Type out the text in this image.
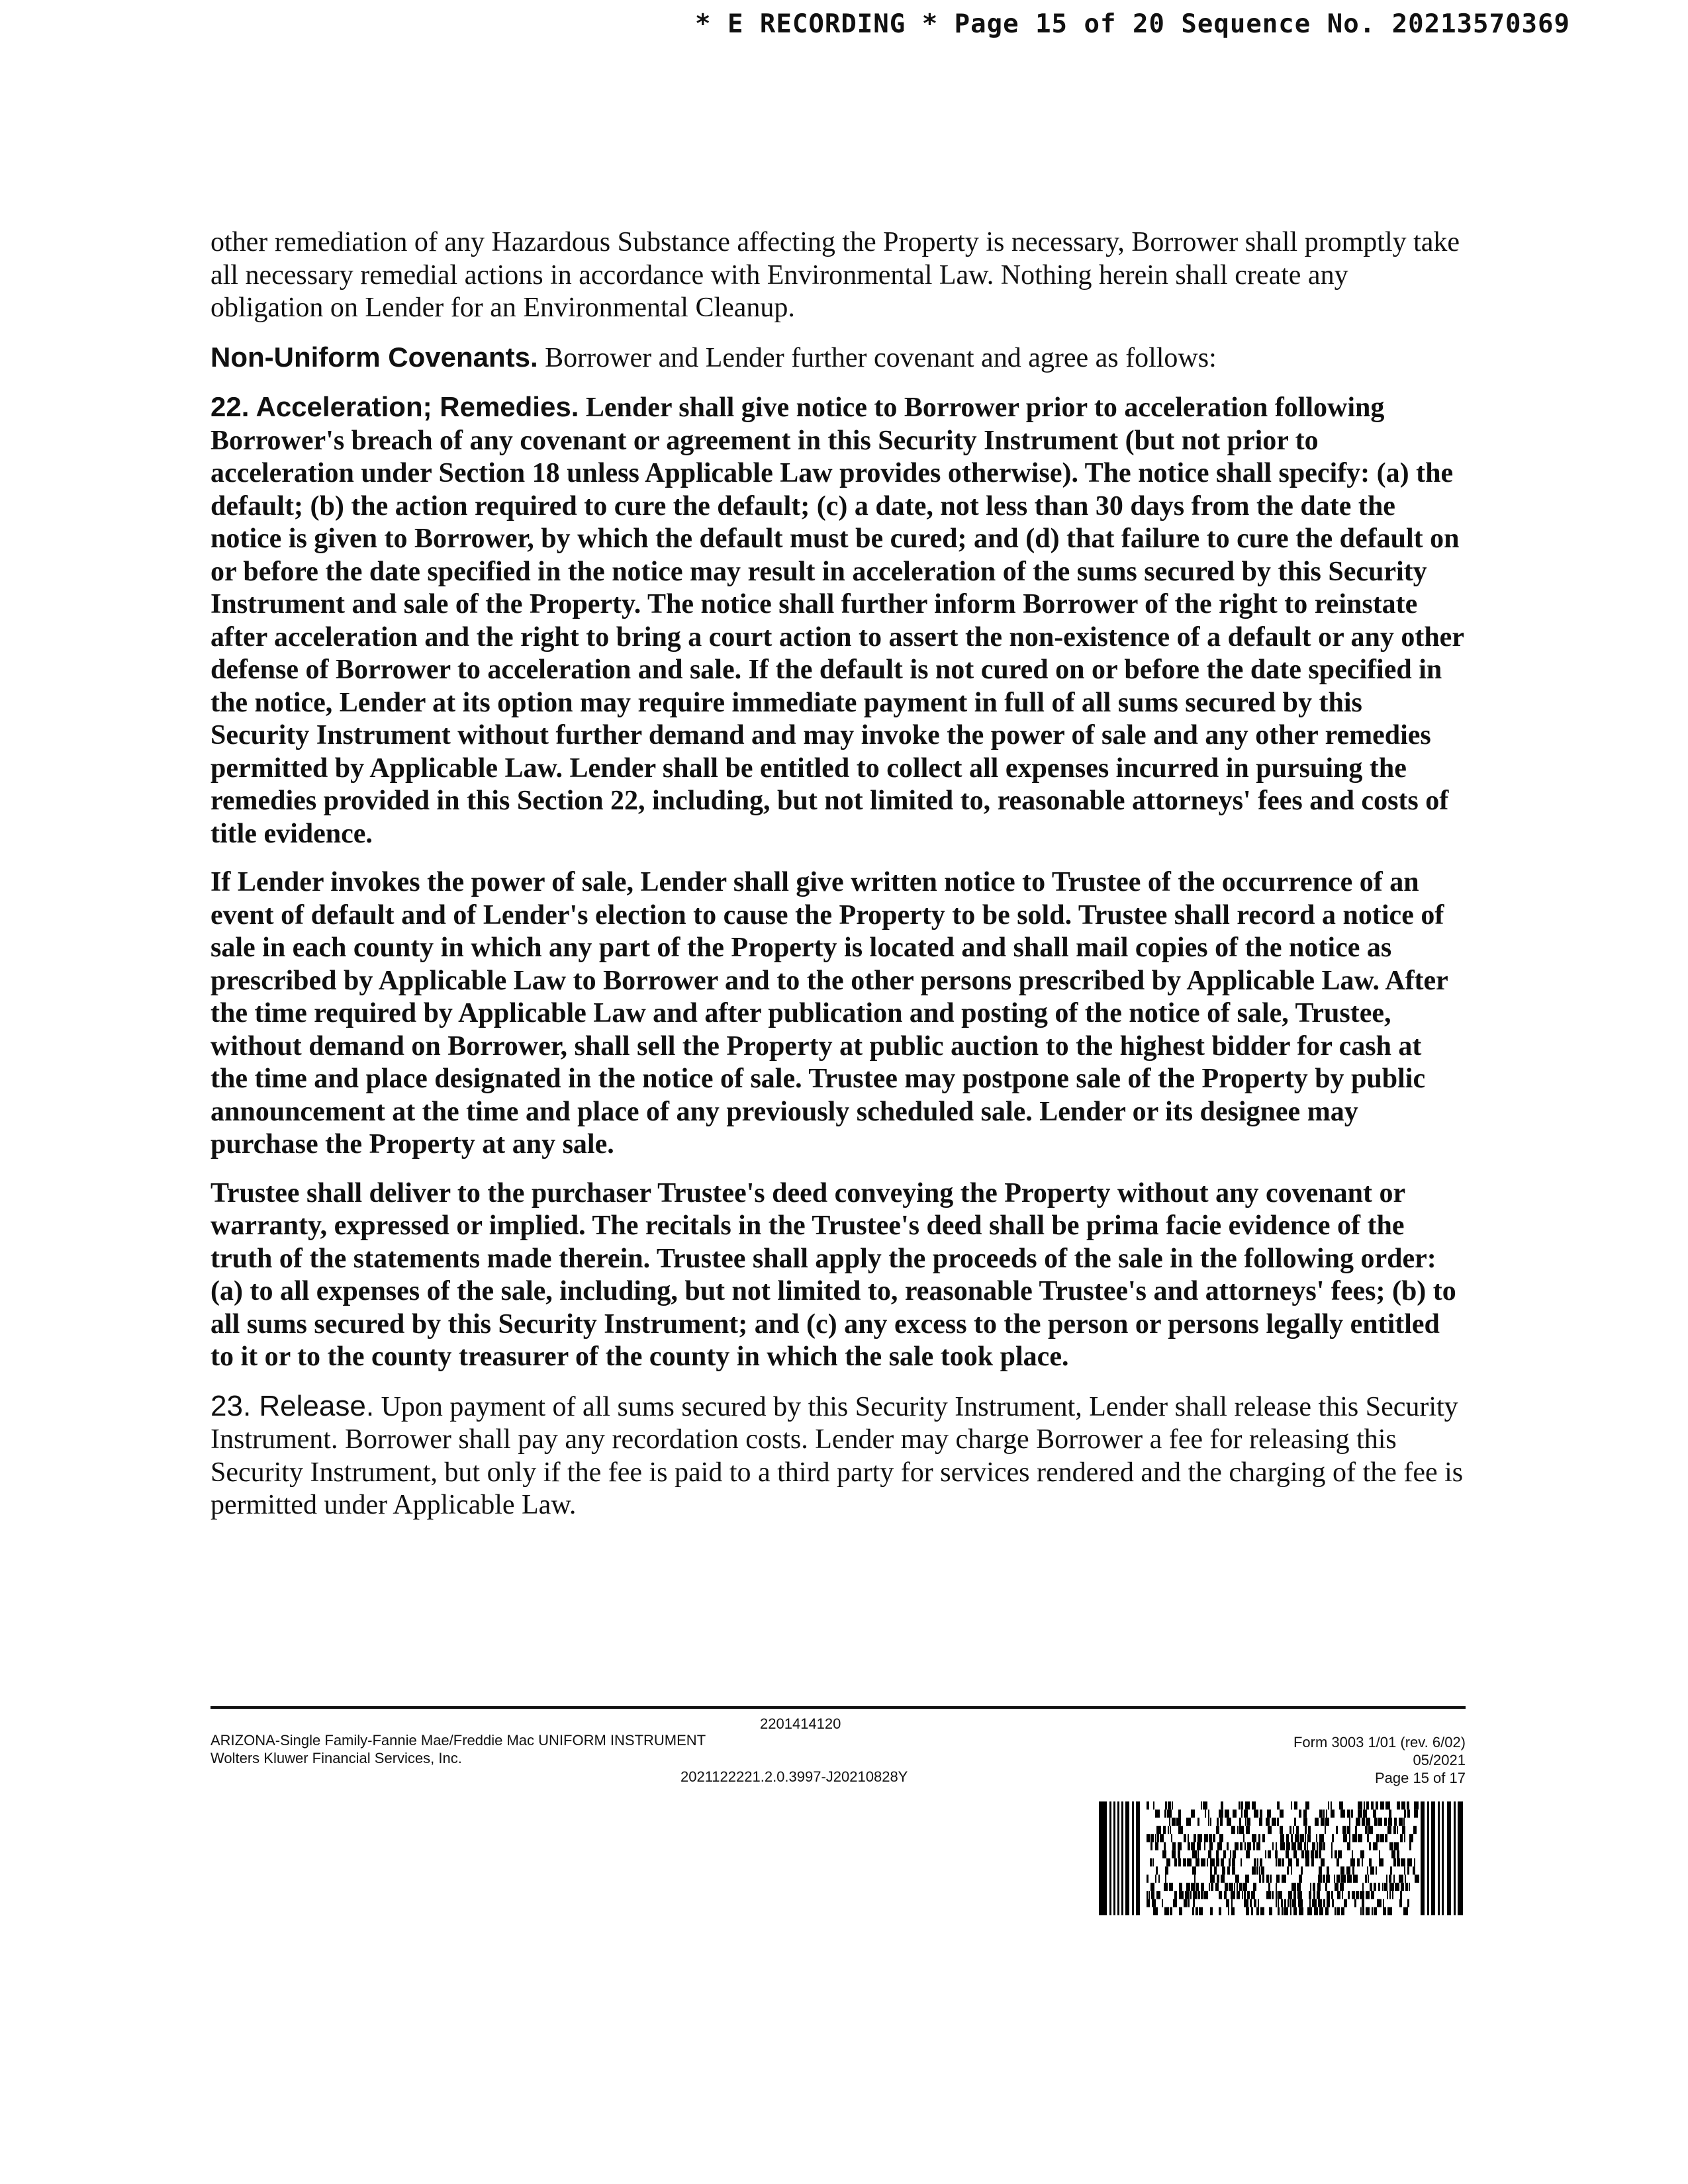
* E RECORDING * Page 15 of 20 Sequence No. 20213570369

other remediation of any Hazardous Substance affecting the Property is necessary, Borrower shall promptly take all necessary remedial actions in accordance with Environmental Law. Nothing herein shall create any obligation on Lender for an Environmental Cleanup.

Non-Uniform Covenants. Borrower and Lender further covenant and agree as follows:

22. Acceleration; Remedies. Lender shall give notice to Borrower prior to acceleration following Borrower's breach of any covenant or agreement in this Security Instrument (but not prior to acceleration under Section 18 unless Applicable Law provides otherwise). The notice shall specify: (a) the default; (b) the action required to cure the default; (c) a date, not less than 30 days from the date the notice is given to Borrower, by which the default must be cured; and (d) that failure to cure the default on or before the date specified in the notice may result in acceleration of the sums secured by this Security Instrument and sale of the Property. The notice shall further inform Borrower of the right to reinstate after acceleration and the right to bring a court action to assert the non-existence of a default or any other defense of Borrower to acceleration and sale. If the default is not cured on or before the date specified in the notice, Lender at its option may require immediate payment in full of all sums secured by this Security Instrument without further demand and may invoke the power of sale and any other remedies permitted by Applicable Law. Lender shall be entitled to collect all expenses incurred in pursuing the remedies provided in this Section 22, including, but not limited to, reasonable attorneys' fees and costs of title evidence.

If Lender invokes the power of sale, Lender shall give written notice to Trustee of the occurrence of an event of default and of Lender's election to cause the Property to be sold. Trustee shall record a notice of sale in each county in which any part of the Property is located and shall mail copies of the notice as prescribed by Applicable Law to Borrower and to the other persons prescribed by Applicable Law. After the time required by Applicable Law and after publication and posting of the notice of sale, Trustee, without demand on Borrower, shall sell the Property at public auction to the highest bidder for cash at the time and place designated in the notice of sale. Trustee may postpone sale of the Property by public announcement at the time and place of any previously scheduled sale. Lender or its designee may purchase the Property at any sale.

Trustee shall deliver to the purchaser Trustee's deed conveying the Property without any covenant or warranty, expressed or implied. The recitals in the Trustee's deed shall be prima facie evidence of the truth of the statements made therein. Trustee shall apply the proceeds of the sale in the following order: (a) to all expenses of the sale, including, but not limited to, reasonable Trustee's and attorneys' fees; (b) to all sums secured by this Security Instrument; and (c) any excess to the person or persons legally entitled to it or to the county treasurer of the county in which the sale took place.

23. Release. Upon payment of all sums secured by this Security Instrument, Lender shall release this Security Instrument. Borrower shall pay any recordation costs. Lender may charge Borrower a fee for releasing this Security Instrument, but only if the fee is paid to a third party for services rendered and the charging of the fee is permitted under Applicable Law.

2201414120
ARIZONA-Single Family-Fannie Mae/Freddie Mac UNIFORM INSTRUMENT
Wolters Kluwer Financial Services, Inc.
2021122221.2.0.3997-J20210828Y
Form 3003 1/01 (rev. 6/02)
05/2021
Page 15 of 17
